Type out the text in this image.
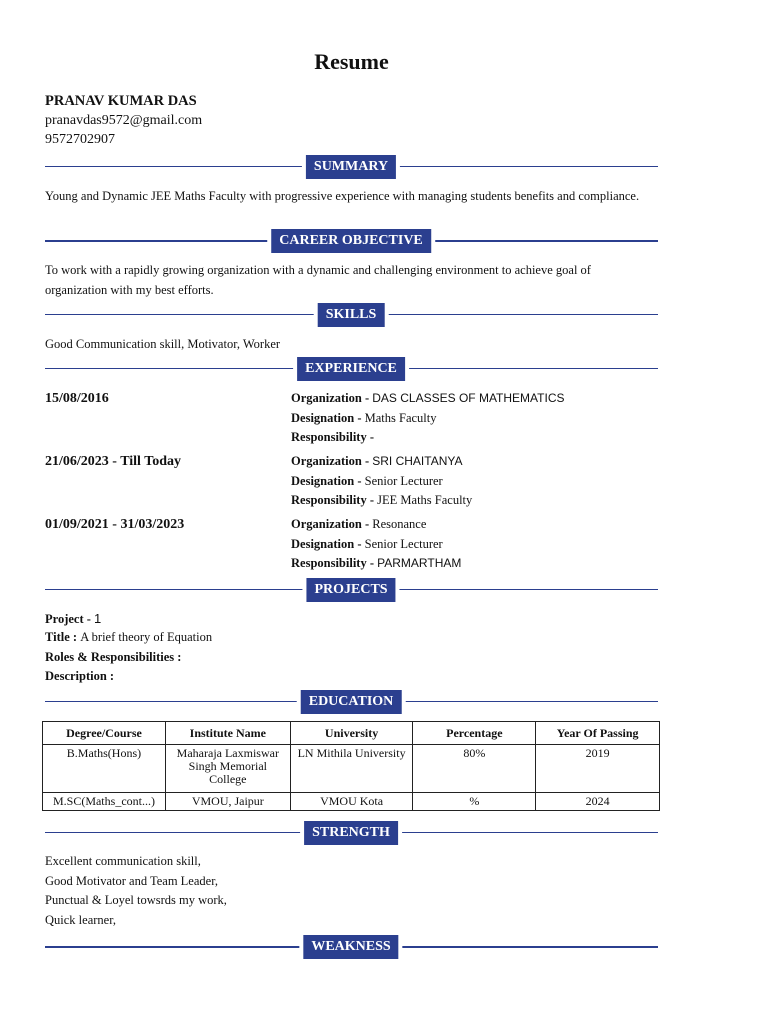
Resume
PRANAV KUMAR DAS
pranavdas9572@gmail.com
9572702907
SUMMARY
Young and Dynamic JEE Maths Faculty with progressive experience with managing students benefits and compliance.
CAREER OBJECTIVE
To work with a rapidly growing organization with a dynamic and challenging environment to achieve goal of organization with my best efforts.
SKILLS
Good Communication skill, Motivator, Worker
EXPERIENCE
15/08/2016	Organization - DAS CLASSES OF MATHEMATICS
Designation - Maths Faculty
Responsibility -
21/06/2023 - Till Today	Organization - SRI CHAITANYA
Designation - Senior Lecturer
Responsibility - JEE Maths Faculty
01/09/2021 - 31/03/2023	Organization - Resonance
Designation - Senior Lecturer
Responsibility - PARMARTHAM
PROJECTS
Project - 1
Title : A brief theory of Equation
Roles & Responsibilities :
Description :
EDUCATION
Degree/Course	Institute Name	University	Percentage	Year Of Passing
B.Maths(Hons)	Maharaja Laxmiswar Singh Memorial College	LN Mithila University	80%	2019
M.SC(Maths_cont...)	VMOU, Jaipur	VMOU Kota	%	2024
STRENGTH
Excellent communication skill,
Good Motivator and Team Leader,
Punctual & Loyel towsrds my work,
Quick learner,
WEAKNESS
